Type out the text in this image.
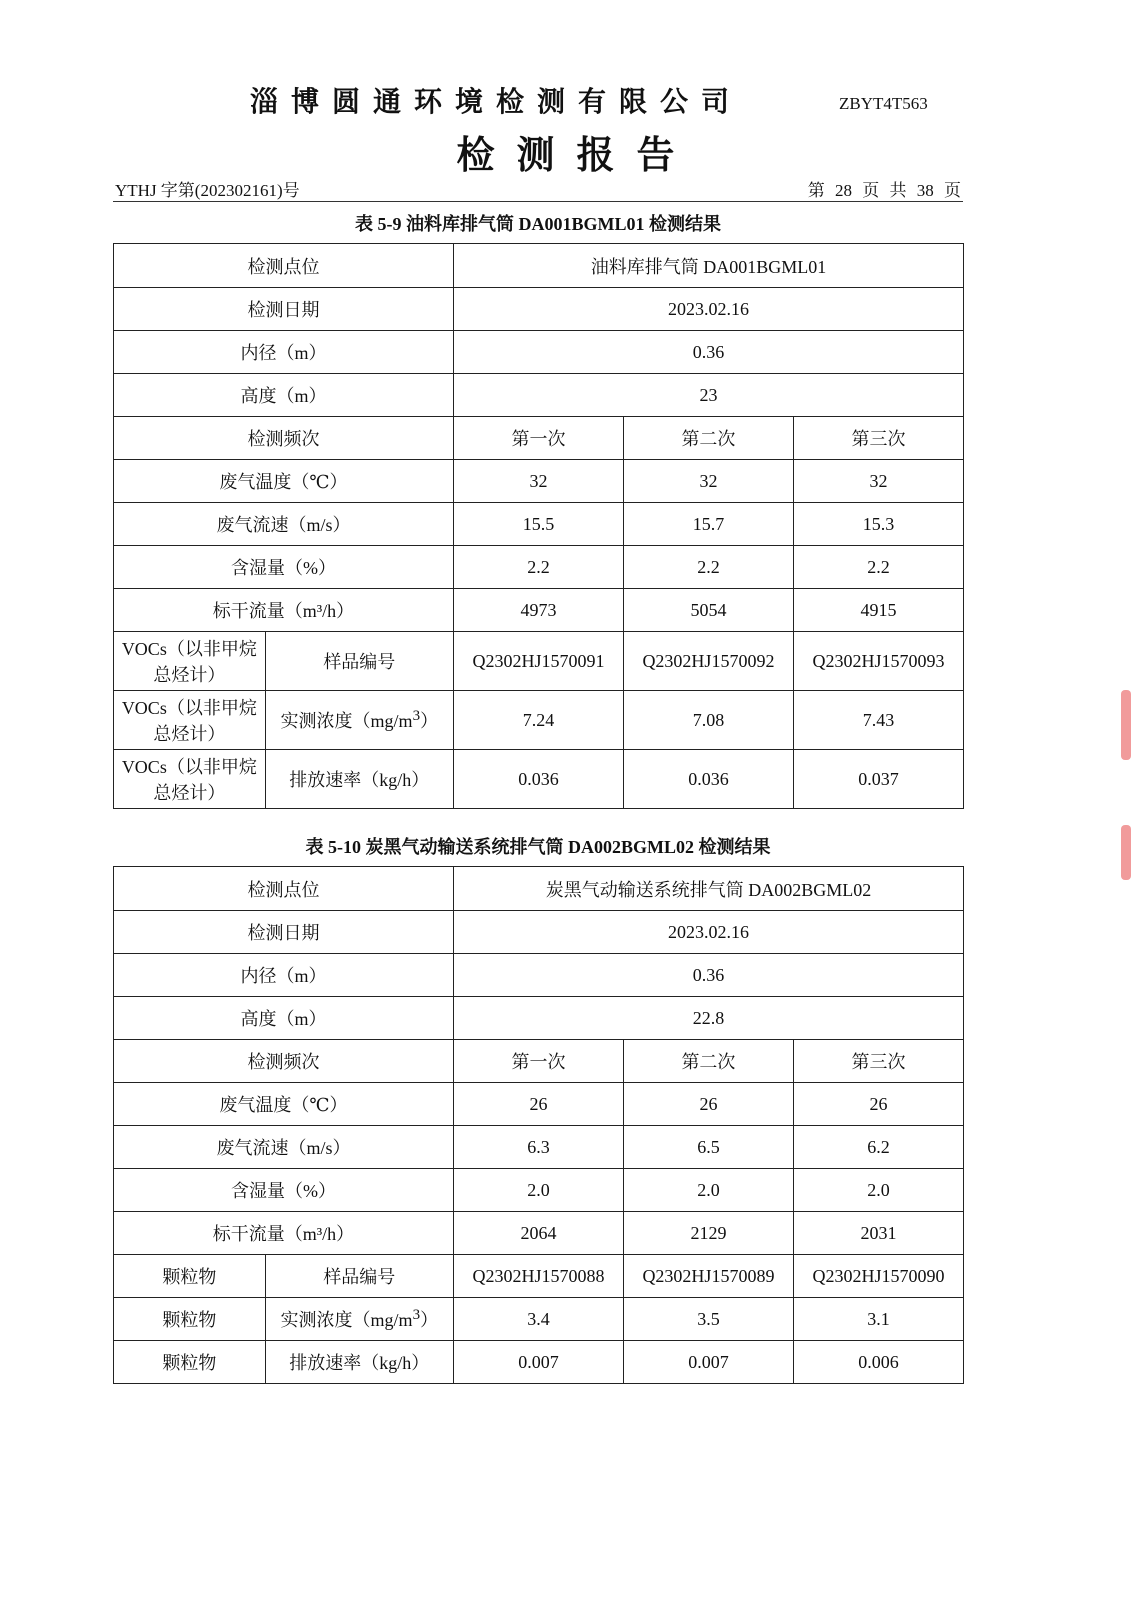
淄博圆通环境检测有限公司	ZBYT4T563
检测报告
YTHJ 字第(202302161)号	第 28 页 共 38 页
表 5-9 油料库排气筒 DA001BGML01 检测结果
检测点位		油料库排气筒 DA001BGML01		
检测日期		2023.02.16		
内径（m）		0.36		
高度（m）		23		
检测频次		第一次	第二次	第三次
废气温度（℃）		32	32	32
废气流速（m/s）		15.5	15.7	15.3
含湿量（%）		2.2	2.2	2.2
标干流量（m³/h）		4973	5054	4915
VOCs（以非甲烷总烃计）	样品编号	Q2302HJ1570091	Q2302HJ1570092	Q2302HJ1570093
VOCs（以非甲烷总烃计）	实测浓度$(mg/m^3)$	7.24	7.08	7.43
VOCs（以非甲烷总烃计）	排放速率（kg/h）	0.036	0.036	0.037
表 5-10 炭黑气动输送系统排气筒 DA002BGML02 检测结果
检测点位		炭黑气动输送系统排气筒 DA002BGML02		
检测日期		2023.02.16		
内径（m）		0.36		
高度（m）		22.8		
检测频次		第一次	第二次	第三次
废气温度（℃）		26	26	26
废气流速（m/s）		6.3	6.5	6.2
含湿量（%）		2.0	2.0	2.0
标干流量（m³/h）		2064	2129	2031
颗粒物	样品编号	Q2302HJ1570088	Q2302HJ1570089	Q2302HJ1570090
颗粒物	实测浓度$(mg/m^3)$	3.4	3.5	3.1
颗粒物	排放速率（kg/h）	0.007	0.007	0.006
